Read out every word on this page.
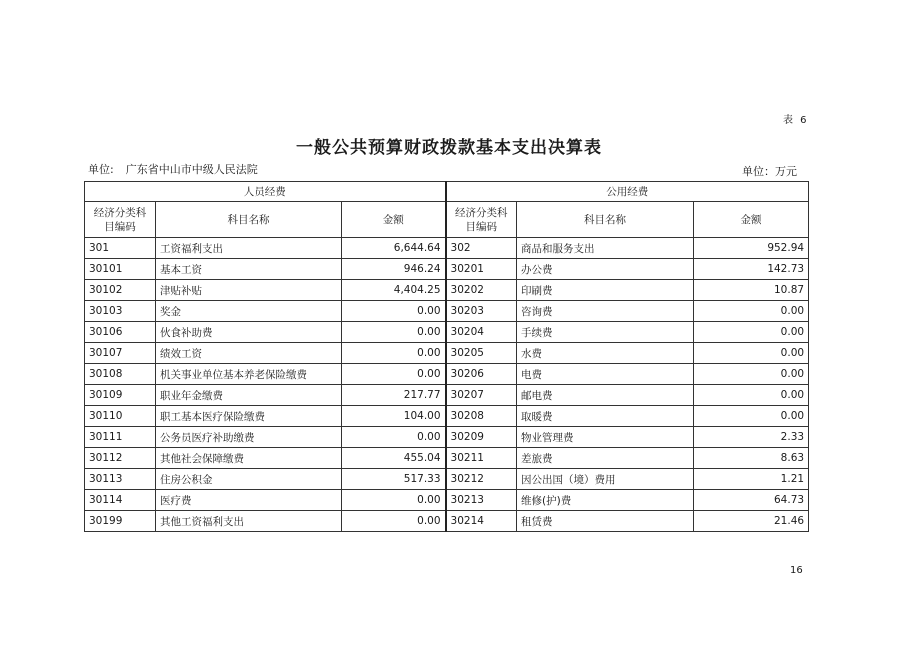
表 6
一般公共预算财政拨款基本支出决算表
单位: 广东省中山市中级人民法院	单位：万元
人员经费			公用经费		
经济分类科目编码	科目名称	金额	经济分类科目编码	科目名称	金额
301	工资福利支出	6,644.64	302	商品和服务支出	952.94
30101	基本工资	946.24	30201	办公费	142.73
30102	津贴补贴	4,404.25	30202	印刷费	10.87
30103	奖金	0.00	30203	咨询费	0.00
30106	伙食补助费	0.00	30204	手续费	0.00
30107	绩效工资	0.00	30205	水费	0.00
30108	机关事业单位基本养老保险缴费	0.00	30206	电费	0.00
30109	职业年金缴费	217.77	30207	邮电费	0.00
30110	职工基本医疗保险缴费	104.00	30208	取暖费	0.00
30111	公务员医疗补助缴费	0.00	30209	物业管理费	2.33
30112	其他社会保障缴费	455.04	30211	差旅费	8.63
30113	住房公积金	517.33	30212	因公出国（境）费用	1.21
30114	医疗费	0.00	30213	维修(护)费	64.73
30199	其他工资福利支出	0.00	30214	租赁费	21.46
16
